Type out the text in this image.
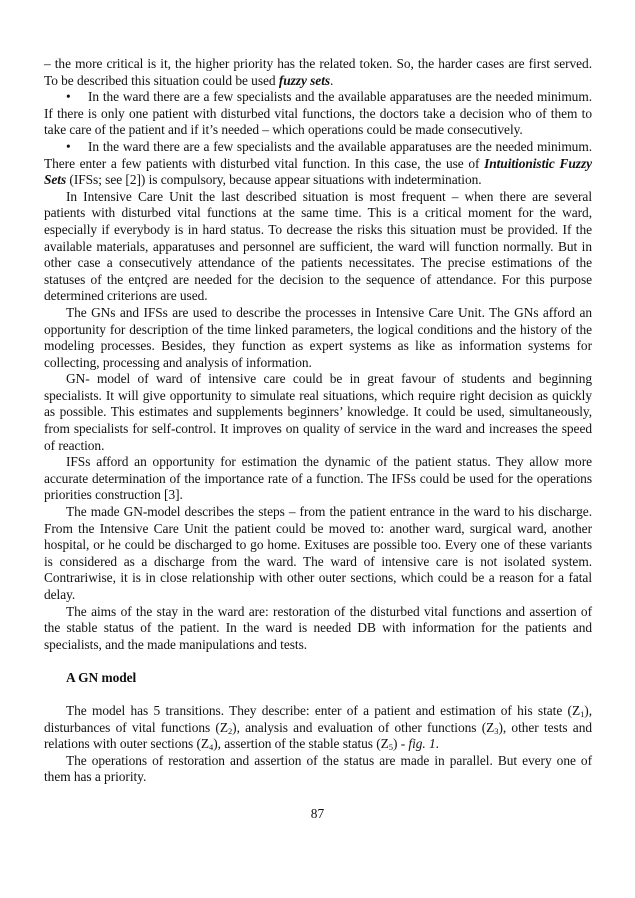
– the more critical is it, the higher priority has the related token. So, the harder cases are first served. To be described this situation could be used fuzzy sets.

• In the ward there are a few specialists and the available apparatuses are the needed minimum. If there is only one patient with disturbed vital functions, the doctors take a decision who of them to take care of the patient and if it’s needed – which operations could be made consecutively.

• In the ward there are a few specialists and the available apparatuses are the needed minimum. There enter a few patients with disturbed vital function. In this case, the use of Intuitionistic Fuzzy Sets (IFSs; see [2]) is compulsory, because appear situations with indetermination.

In Intensive Care Unit the last described situation is most frequent – when there are several patients with disturbed vital functions at the same time. This is a critical moment for the ward, especially if everybody is in hard status. To decrease the risks this situation must be provided. If the available materials, apparatuses and personnel are sufficient, the ward will function normally. But in other case a consecutively attendance of the patients necessitates. The precise estimations of the statuses of the entçred are needed for the decision to the sequence of attendance. For this purpose determined criterions are used.

The GNs and IFSs are used to describe the processes in Intensive Care Unit. The GNs afford an opportunity for description of the time linked parameters, the logical conditions and the history of the modeling processes. Besides, they function as expert systems as like as information systems for collecting, processing and analysis of information.

GN- model of ward of intensive care could be in great favour of students and beginning specialists. It will give opportunity to simulate real situations, which require right decision as quickly as possible. This estimates and supplements beginners’ knowledge. It could be used, simultaneously, from specialists for self-control. It improves on quality of service in the ward and increases the speed of reaction.

IFSs afford an opportunity for estimation the dynamic of the patient status. They allow more accurate determination of the importance rate of a function. The IFSs could be used for the operations priorities construction [3].

The made GN-model describes the steps – from the patient entrance in the ward to his discharge. From the Intensive Care Unit the patient could be moved to: another ward, surgical ward, another hospital, or he could be discharged to go home. Exituses are possible too. Every one of these variants is considered as a discharge from the ward. The ward of intensive care is not isolated system. Contrariwise, it is in close relationship with other outer sections, which could be a reason for a fatal delay.

The aims of the stay in the ward are: restoration of the disturbed vital functions and assertion of the stable status of the patient. In the ward is needed DB with information for the patients and specialists, and the made manipulations and tests.

A GN model

The model has 5 transitions. They describe: enter of a patient and estimation of his state $(Z_1)$, disturbances of vital functions $(Z_2)$, analysis and evaluation of other functions $(Z_3)$, other tests and relations with outer sections $(Z_4)$, assertion of the stable status $(Z_5)$ - fig. 1.

The operations of restoration and assertion of the status are made in parallel. But every one of them has a priority.

87
